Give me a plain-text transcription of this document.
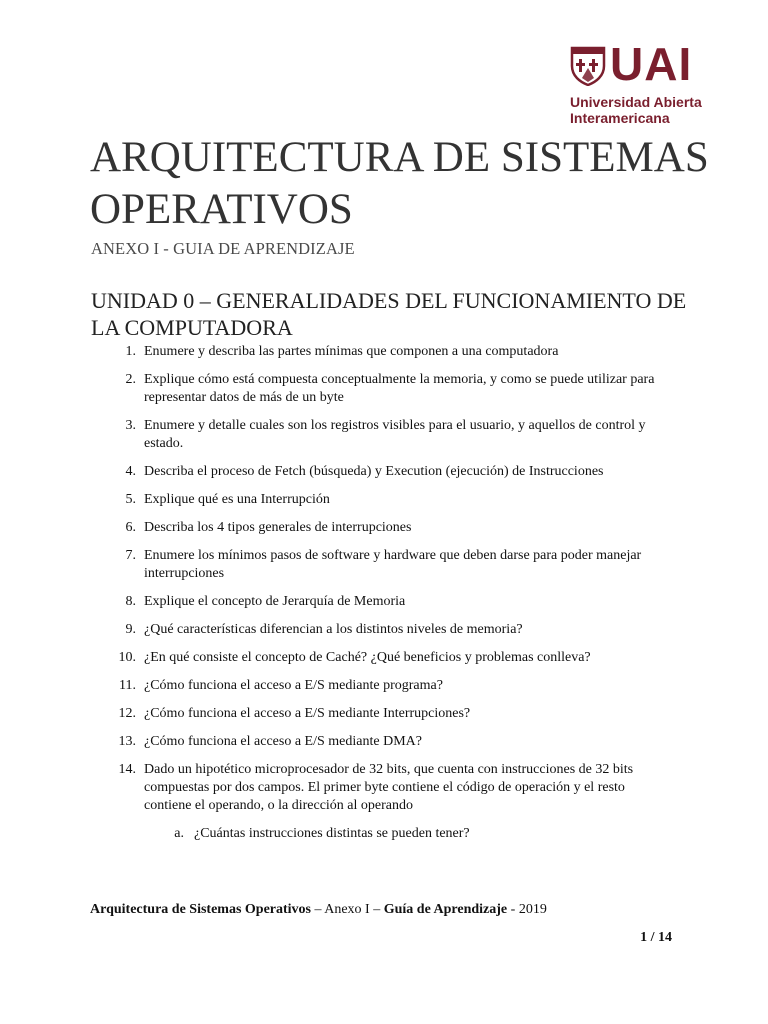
UAI
Universidad Abierta
Interamericana
ARQUITECTURA DE SISTEMAS OPERATIVOS
ANEXO I - GUIA DE APRENDIZAJE
UNIDAD 0 – GENERALIDADES DEL FUNCIONAMIENTO DE LA COMPUTADORA
1. Enumere y describa las partes mínimas que componen a una computadora
2. Explique cómo está compuesta conceptualmente la memoria, y como se puede utilizar para representar datos de más de un byte
3. Enumere y detalle cuales son los registros visibles para el usuario, y aquellos de control y estado.
4. Describa el proceso de Fetch (búsqueda) y Execution (ejecución) de Instrucciones
5. Explique qué es una Interrupción
6. Describa los 4 tipos generales de interrupciones
7. Enumere los mínimos pasos de software y hardware que deben darse para poder manejar interrupciones
8. Explique el concepto de Jerarquía de Memoria
9. ¿Qué características diferencian a los distintos niveles de memoria?
10. ¿En qué consiste el concepto de Caché? ¿Qué beneficios y problemas conlleva?
11. ¿Cómo funciona el acceso a E/S mediante programa?
12. ¿Cómo funciona el acceso a E/S mediante Interrupciones?
13. ¿Cómo funciona el acceso a E/S mediante DMA?
14. Dado un hipotético microprocesador de 32 bits, que cuenta con instrucciones de 32 bits compuestas por dos campos. El primer byte contiene el código de operación y el resto contiene el operando, o la dirección al operando
a. ¿Cuántas instrucciones distintas se pueden tener?
Arquitectura de Sistemas Operativos – Anexo I – Guía de Aprendizaje - 2019
1 / 14
